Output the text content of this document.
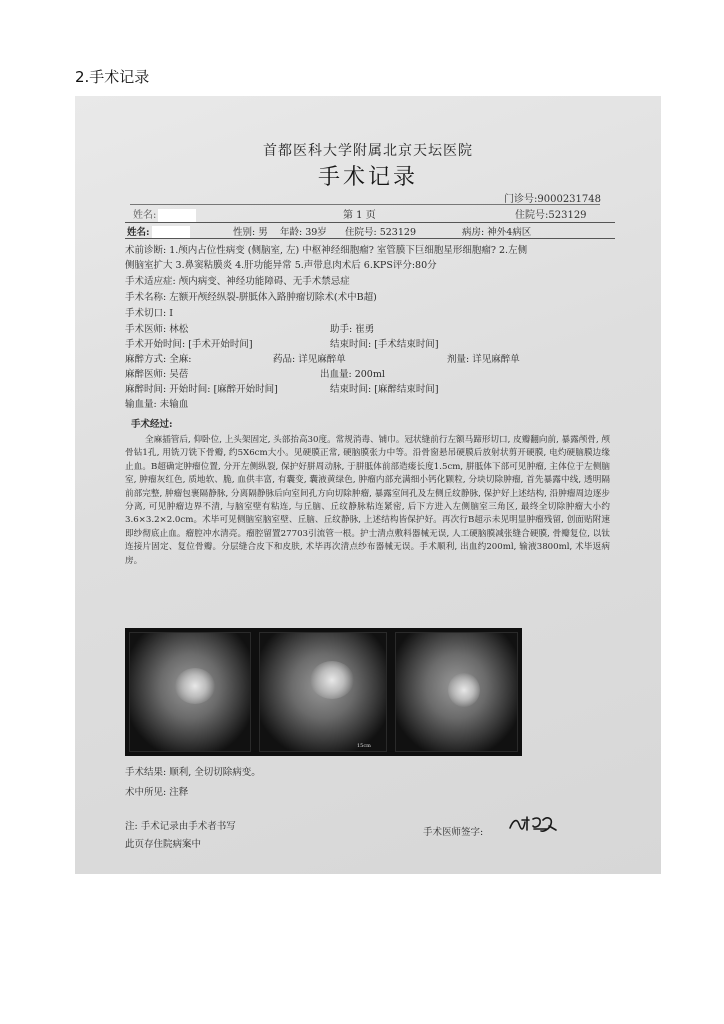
2.手术记录
首都医科大学附属北京天坛医院
手术记录
门诊号:9000231748
姓名:	第 1 页	住院号:523129
姓名:	性别: 男 年龄: 39岁 住院号: 523129	病房: 神外4病区
术前诊断: 1.颅内占位性病变 (侧脑室, 左) 中枢神经细胞瘤? 室管膜下巨细胞星形细胞瘤? 2.左侧
侧脑室扩大 3.鼻窦粘膜炎 4.肝功能异常 5.声带息肉术后 6.KPS评分:80分
手术适应症: 颅内病变、神经功能障碍、无手术禁忌症
手术名称: 左额开颅经纵裂-胼胝体入路肿瘤切除术(术中B超)
手术切口: I
手术医师: 林松	助手: 崔勇
手术开始时间: [手术开始时间]	结束时间: [手术结束时间]
麻醉方式: 全麻:	药品: 详见麻醉单	剂量: 详见麻醉单
麻醉医师: 吴蓓	出血量: 200ml
麻醉时间: 开始时间: [麻醉开始时间]	结束时间: [麻醉结束时间]
输血量: 未输血
手术经过:
全麻插管后, 仰卧位, 上头架固定, 头部抬高30度。常规消毒、铺巾。冠状缝前行左额马蹄形切口, 皮瓣翻向前, 暴露颅骨, 颅骨钻1孔, 用铣刀铣下骨瓣, 约5X6cm大小。见硬膜正常, 硬脑膜张力中等。沿骨窗悬吊硬膜后放射状剪开硬膜, 电灼硬脑膜边缘止血。B超确定肿瘤位置, 分开左侧纵裂, 保护好胼周动脉, 于胼胝体前部造瘘长度1.5cm, 胼胝体下部可见肿瘤, 主体位于左侧脑室, 肿瘤灰红色, 质地软、脆, 血供丰富, 有囊变, 囊液黄绿色, 肿瘤内部充满细小钙化颗粒, 分块切除肿瘤, 首先暴露中线, 透明隔前部完整, 肿瘤包裹隔静脉, 分离隔静脉后向室间孔方向切除肿瘤, 暴露室间孔及左侧丘纹静脉, 保护好上述结构, 沿肿瘤周边逐步分离, 可见肿瘤边界不清, 与脑室壁有粘连, 与丘脑、丘纹静脉粘连紧密, 后下方进入左侧脑室三角区, 最终全切除肿瘤大小约3.6×3.2×2.0cm。术毕可见侧脑室脑室壁、丘脑、丘纹静脉, 上述结构皆保护好。再次行B超示未见明显肿瘤残留, 创面贴附速即纱彻底止血。瘤腔冲水清亮。瘤腔留置27703引流管一根。护士清点敷料器械无误, 人工硬脑膜减张缝合硬膜, 骨瓣复位, 以钛连接片固定、复位骨瓣。分层缝合皮下和皮肤, 术毕再次清点纱布器械无误。手术顺利, 出血约200ml, 输液3800ml, 术毕返病房。
15cm
手术结果: 顺利, 全切切除病变。
术中所见: 注释
注: 手术记录由手术者书写
此页存住院病案中
手术医师签字:
